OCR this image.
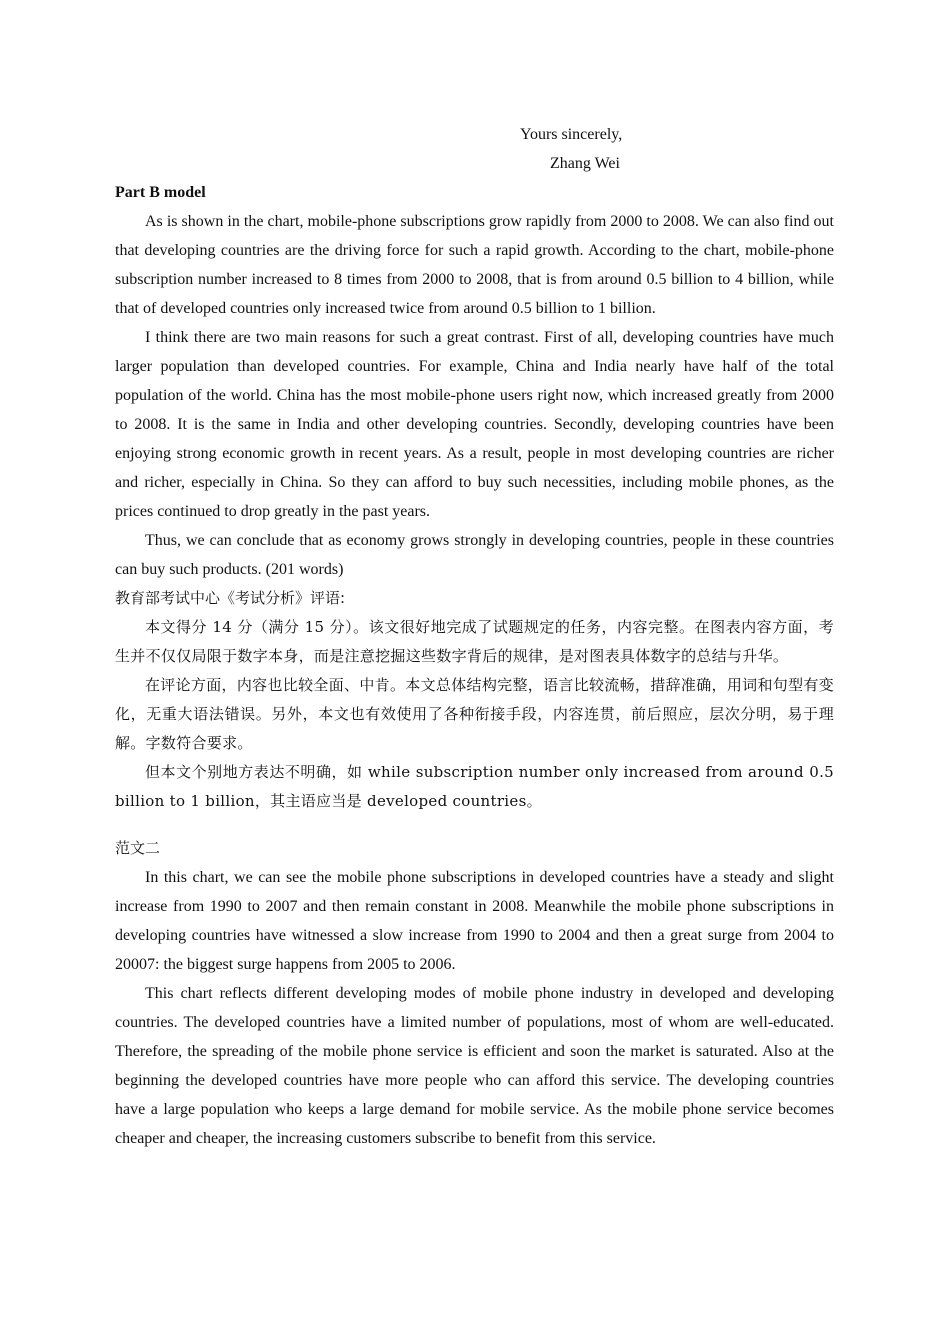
Yours sincerely,
Zhang Wei

Part B model

As is shown in the chart, mobile-phone subscriptions grow rapidly from 2000 to 2008. We can also find out that developing countries are the driving force for such a rapid growth. According to the chart, mobile-phone subscription number increased to 8 times from 2000 to 2008, that is from around 0.5 billion to 4 billion, while that of developed countries only increased twice from around 0.5 billion to 1 billion.

I think there are two main reasons for such a great contrast. First of all, developing countries have much larger population than developed countries. For example, China and India nearly have half of the total population of the world. China has the most mobile-phone users right now, which increased greatly from 2000 to 2008. It is the same in India and other developing countries. Secondly, developing countries have been enjoying strong economic growth in recent years. As a result, people in most developing countries are richer and richer, especially in China. So they can afford to buy such necessities, including mobile phones, as the prices continued to drop greatly in the past years.

Thus, we can conclude that as economy grows strongly in developing countries, people in these countries can buy such products. (201 words)

教育部考试中心《考试分析》评语:

本文得分 14 分（满分 15 分）。该文很好地完成了试题规定的任务，内容完整。在图表内容方面，考生并不仅仅局限于数字本身，而是注意挖掘这些数字背后的规律，是对图表具体数字的总结与升华。

在评论方面，内容也比较全面、中肯。本文总体结构完整，语言比较流畅，措辞准确，用词和句型有变化，无重大语法错误。另外，本文也有效使用了各种衔接手段，内容连贯，前后照应，层次分明，易于理解。字数符合要求。

但本文个别地方表达不明确，如 while subscription number only increased from around 0.5 billion to 1 billion，其主语应当是 developed countries。

范文二

In this chart, we can see the mobile phone subscriptions in developed countries have a steady and slight increase from 1990 to 2007 and then remain constant in 2008. Meanwhile the mobile phone subscriptions in developing countries have witnessed a slow increase from 1990 to 2004 and then a great surge from 2004 to 20007: the biggest surge happens from 2005 to 2006.

This chart reflects different developing modes of mobile phone industry in developed and developing countries. The developed countries have a limited number of populations, most of whom are well-educated. Therefore, the spreading of the mobile phone service is efficient and soon the market is saturated. Also at the beginning the developed countries have more people who can afford this service. The developing countries have a large population who keeps a large demand for mobile service. As the mobile phone service becomes cheaper and cheaper, the increasing customers subscribe to benefit from this service.
